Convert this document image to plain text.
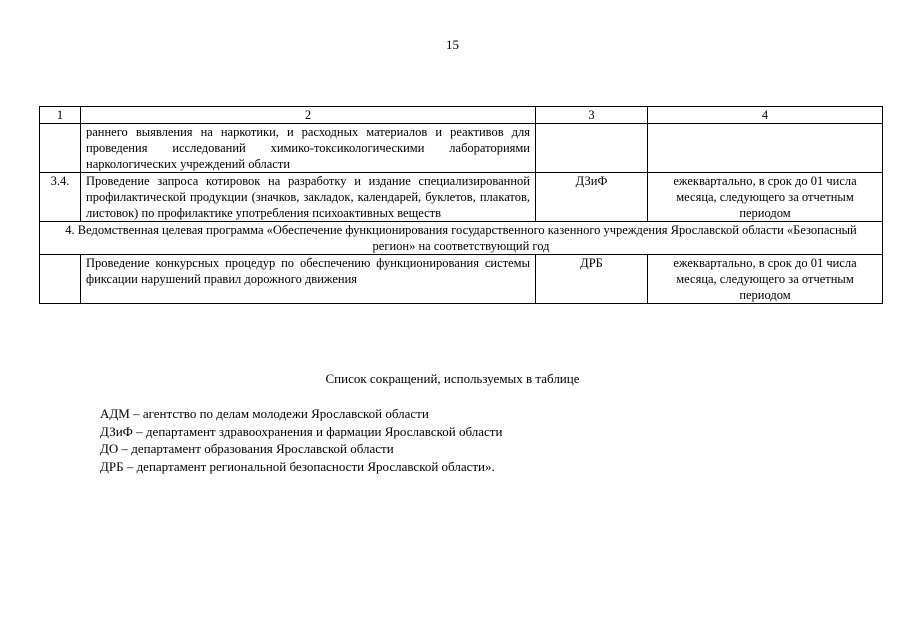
15
1	2	3	4
	раннего выявления на наркотики, и расходных материалов и реактивов для проведения исследований химико-токсикологическими лабораториями наркологических учреждений области		
3.4.	Проведение запроса котировок на разработку и издание специализированной профилактической продукции (значков, закладок, календарей, буклетов, плакатов, листовок) по профилактике употребления психоактивных веществ	ДЗиФ	ежеквартально, в срок до 01 числа месяца, следующего за отчетным периодом
4. Ведомственная целевая программа «Обеспечение функционирования государственного казенного учреждения Ярославской области «Безопасный регион» на соответствующий год			
	Проведение конкурсных процедур по обеспечению функционирования системы фиксации нарушений правил дорожного движения	ДРБ	ежеквартально, в срок до 01 числа месяца, следующего за отчетным периодом
Список сокращений, используемых в таблице
АДМ – агентство по делам молодежи Ярославской области
ДЗиФ – департамент здравоохранения и фармации Ярославской области
ДО – департамент образования Ярославской области
ДРБ – департамент региональной безопасности Ярославской области».
